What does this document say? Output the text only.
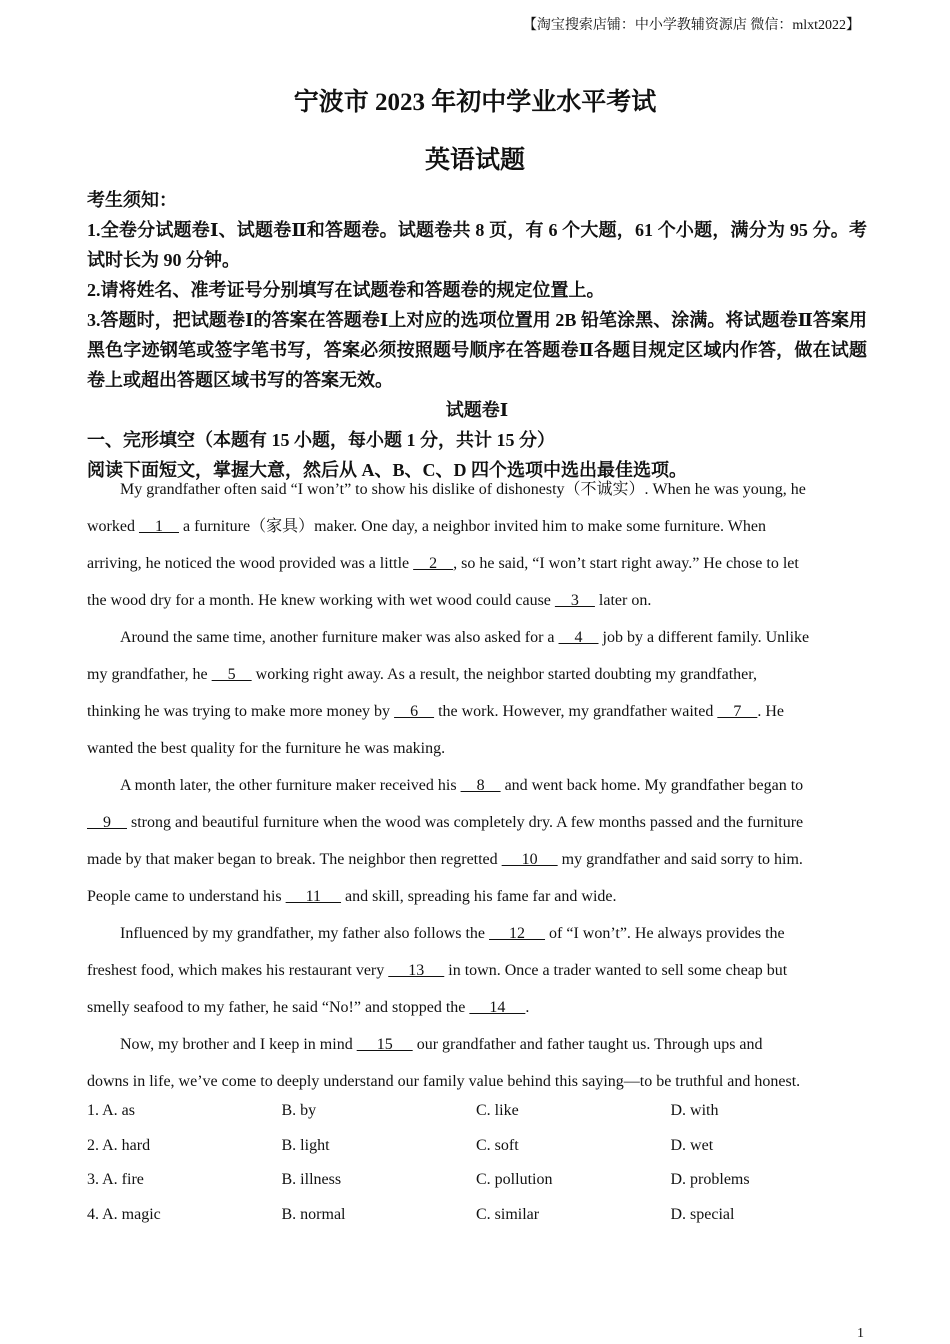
【淘宝搜索店铺：中小学教辅资源店 微信：mlxt2022】
宁波市 2023 年初中学业水平考试
英语试题
考生须知：
1.全卷分试题卷Ⅰ、试题卷Ⅱ和答题卷。试题卷共 8 页，有 6 个大题，61 个小题，满分为 95 分。考试时长为 90 分钟。
2.请将姓名、准考证号分别填写在试题卷和答题卷的规定位置上。
3.答题时，把试题卷Ⅰ的答案在答题卷Ⅰ上对应的选项位置用 2B 铅笔涂黑、涂满。将试题卷Ⅱ答案用黑色字迹钢笔或签字笔书写，答案必须按照题号顺序在答题卷Ⅱ各题目规定区域内作答，做在试题卷上或超出答题区域书写的答案无效。
试题卷Ⅰ
一、完形填空（本题有 15 小题，每小题 1 分，共计 15 分）
阅读下面短文，掌握大意，然后从 A、B、C、D 四个选项中选出最佳选项。
My grandfather often said “I won’t” to show his dislike of dishonesty（不诚实）. When he was young, he
worked     1     a furniture（家具）maker. One day, a neighbor invited him to make some furniture. When
arriving, he noticed the wood provided was a little     2    , so he said, “I won’t start right away.” He chose to let
the wood dry for a month. He knew working with wet wood could cause     3     later on.
Around the same time, another furniture maker was also asked for a     4     job by a different family. Unlike
my grandfather, he     5     working right away. As a result, the neighbor started doubting my grandfather,
thinking he was trying to make more money by     6     the work. However, my grandfather waited     7    . He
wanted the best quality for the furniture he was making.
A month later, the other furniture maker received his     8     and went back home. My grandfather began to
9     strong and beautiful furniture when the wood was completely dry. A few months passed and the furniture
made by that maker began to break. The neighbor then regretted      10      my grandfather and said sorry to him.
People came to understand his      11      and skill, spreading his fame far and wide.
Influenced by my grandfather, my father also follows the      12      of “I won’t”. He always provides the
freshest food, which makes his restaurant very      13      in town. Once a trader wanted to sell some cheap but
smelly seafood to my father, he said “No!” and stopped the      14     .
Now, my brother and I keep in mind      15      our grandfather and father taught us. Through ups and
downs in life, we’ve come to deeply understand our family value behind this saying—to be truthful and honest.
1. A. as	B. by	C. like	D. with
2. A. hard	B. light	C. soft	D. wet
3. A. fire	B. illness	C. pollution	D. problems
4. A. magic	B. normal	C. similar	D. special
1
